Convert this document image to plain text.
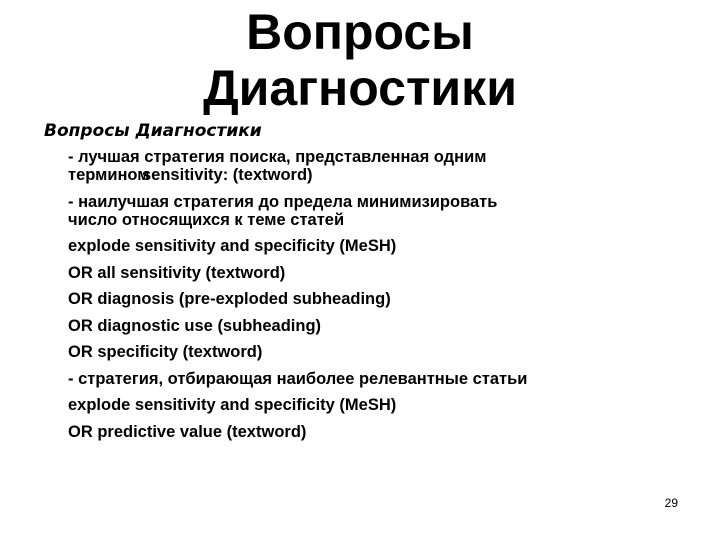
Вопросы
Диагностики

Вопросы Диагностики

- лучшая стратегия поиска, представленная одним
терминомsensitivity: (textword)

- наилучшая стратегия до предела минимизировать
число относящихся к теме статей

explode sensitivity and specificity (MeSH)

OR all sensitivity (textword)

OR diagnosis (pre-exploded subheading)

OR diagnostic use (subheading)

OR specificity (textword)

- стратегия, отбирающая наиболее релевантные статьи

explode sensitivity and specificity (MeSH)

OR predictive value (textword)

29
